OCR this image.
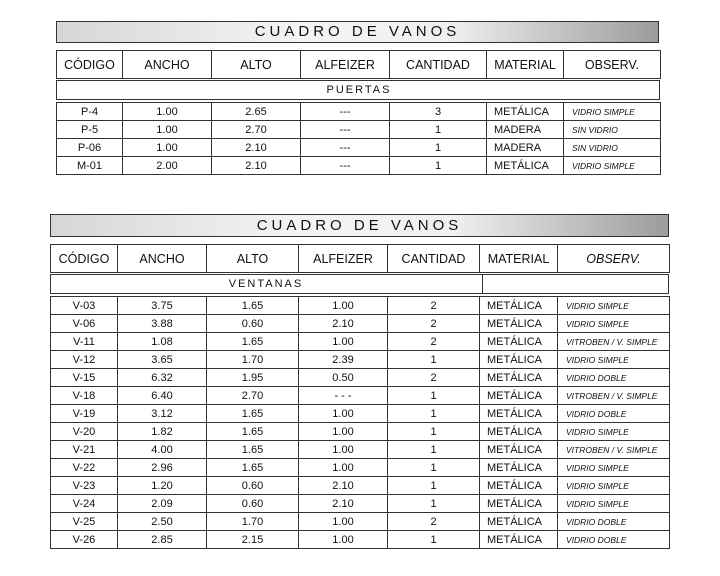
CUADRO DE VANOS
CÓDIGO	ANCHO	ALTO	ALFEIZER	CANTIDAD	MATERIAL	OBSERV.
PUERTAS
P-4	1.00	2.65	---	3	METÁLICA	VIDRIO SIMPLE
P-5	1.00	2.70	---	1	MADERA	SIN VIDRIO
P-06	1.00	2.10	---	1	MADERA	SIN VIDRIO
M-01	2.00	2.10	---	1	METÁLICA	VIDRIO SIMPLE
CUADRO DE VANOS
CÓDIGO	ANCHO	ALTO	ALFEIZER	CANTIDAD	MATERIAL	OBSERV.
VENTANAS
V-03	3.75	1.65	1.00	2	METÁLICA	VIDRIO SIMPLE
V-06	3.88	0.60	2.10	2	METÁLICA	VIDRIO SIMPLE
V-11	1.08	1.65	1.00	2	METÁLICA	VITROBEN / V. SIMPLE
V-12	3.65	1.70	2.39	1	METÁLICA	VIDRIO SIMPLE
V-15	6.32	1.95	0.50	2	METÁLICA	VIDRIO DOBLE
V-18	6.40	2.70	- - -	1	METÁLICA	VITROBEN / V. SIMPLE
V-19	3.12	1.65	1.00	1	METÁLICA	VIDRIO DOBLE
V-20	1.82	1.65	1.00	1	METÁLICA	VIDRIO SIMPLE
V-21	4.00	1.65	1.00	1	METÁLICA	VITROBEN / V. SIMPLE
V-22	2.96	1.65	1.00	1	METÁLICA	VIDRIO SIMPLE
V-23	1.20	0.60	2.10	1	METÁLICA	VIDRIO SIMPLE
V-24	2.09	0.60	2.10	1	METÁLICA	VIDRIO SIMPLE
V-25	2.50	1.70	1.00	2	METÁLICA	VIDRIO DOBLE
V-26	2.85	2.15	1.00	1	METÁLICA	VIDRIO DOBLE
